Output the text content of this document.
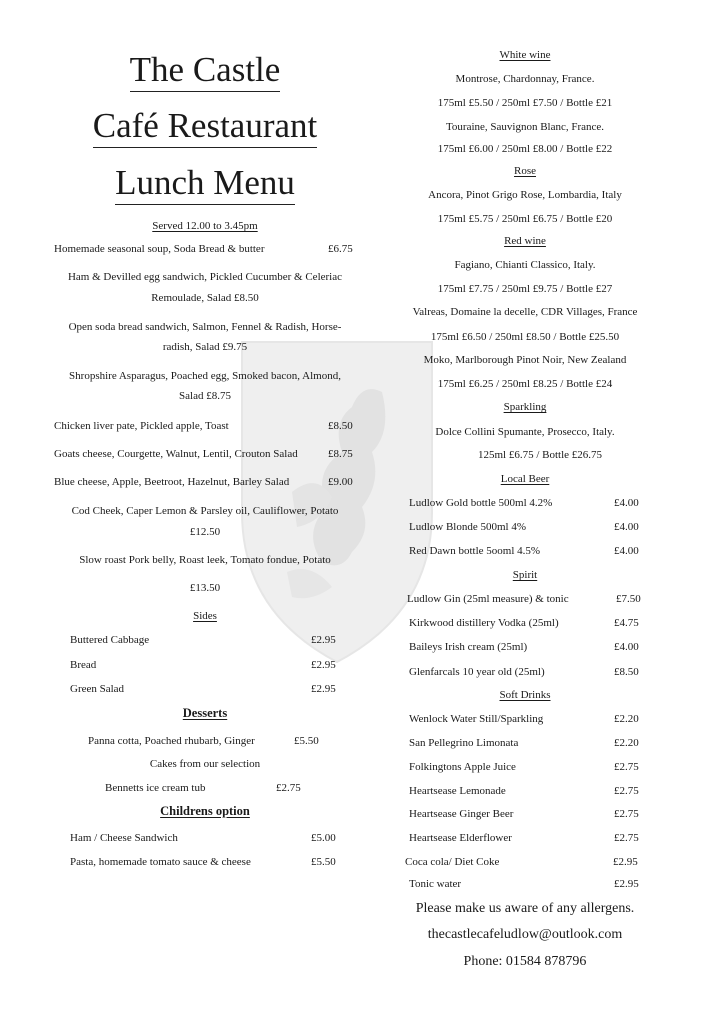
The Castle
Café Restaurant
Lunch Menu
Served 12.00 to 3.45pm
Homemade seasonal soup, Soda Bread & butter	£6.75
Ham & Devilled egg sandwich, Pickled Cucumber & Celeriac
Remoulade, Salad £8.50
Open soda bread sandwich, Salmon, Fennel & Radish, Horse-
radish, Salad £9.75
Shropshire Asparagus, Poached egg, Smoked bacon, Almond,
Salad £8.75
Chicken liver pate, Pickled apple, Toast	£8.50
Goats cheese, Courgette, Walnut, Lentil, Crouton Salad	£8.75
Blue cheese, Apple, Beetroot, Hazelnut, Barley Salad	£9.00
Cod Cheek, Caper Lemon & Parsley oil, Cauliflower, Potato
£12.50
Slow roast Pork belly, Roast leek, Tomato fondue, Potato
£13.50
Sides
Buttered Cabbage	£2.95
Bread	£2.95
Green Salad	£2.95
Desserts
Panna cotta, Poached rhubarb, Ginger	£5.50
Cakes from our selection
Bennetts ice cream tub	£2.75
Childrens option
Ham / Cheese Sandwich	£5.00
Pasta, homemade tomato sauce & cheese	£5.50
White wine
Montrose, Chardonnay, France.
175ml £5.50 / 250ml £7.50 / Bottle £21
Touraine, Sauvignon Blanc, France.
175ml £6.00 / 250ml £8.00 / Bottle £22
Rose
Ancora, Pinot Grigo Rose, Lombardia, Italy
175ml £5.75 / 250ml £6.75 / Bottle £20
Red wine
Fagiano, Chianti Classico, Italy.
175ml £7.75 / 250ml £9.75 / Bottle £27
Valreas, Domaine la decelle, CDR Villages, France
175ml £6.50 / 250ml £8.50 / Bottle £25.50
Moko, Marlborough Pinot Noir, New Zealand
175ml £6.25 / 250ml £8.25 / Bottle £24
Sparkling
Dolce Collini Spumante, Prosecco, Italy.
125ml £6.75 / Bottle £26.75
Local Beer
Ludlow Gold bottle 500ml 4.2%	£4.00
Ludlow Blonde 500ml 4%	£4.00
Red Dawn bottle 5ooml 4.5%	£4.00
Spirit
Ludlow Gin (25ml measure) & tonic	£7.50
Kirkwood distillery Vodka (25ml)	£4.75
Baileys Irish cream (25ml)	£4.00
Glenfarcals 10 year old (25ml)	£8.50
Soft Drinks
Wenlock Water Still/Sparkling	£2.20
San Pellegrino Limonata	£2.20
Folkingtons Apple Juice	£2.75
Heartsease Lemonade	£2.75
Heartsease Ginger Beer	£2.75
Heartsease Elderflower	£2.75
Coca cola/ Diet Coke	£2.95
Tonic water	£2.95
Please make us aware of any allergens.
thecastlecafeludlow@outlook.com
Phone: 01584 878796
